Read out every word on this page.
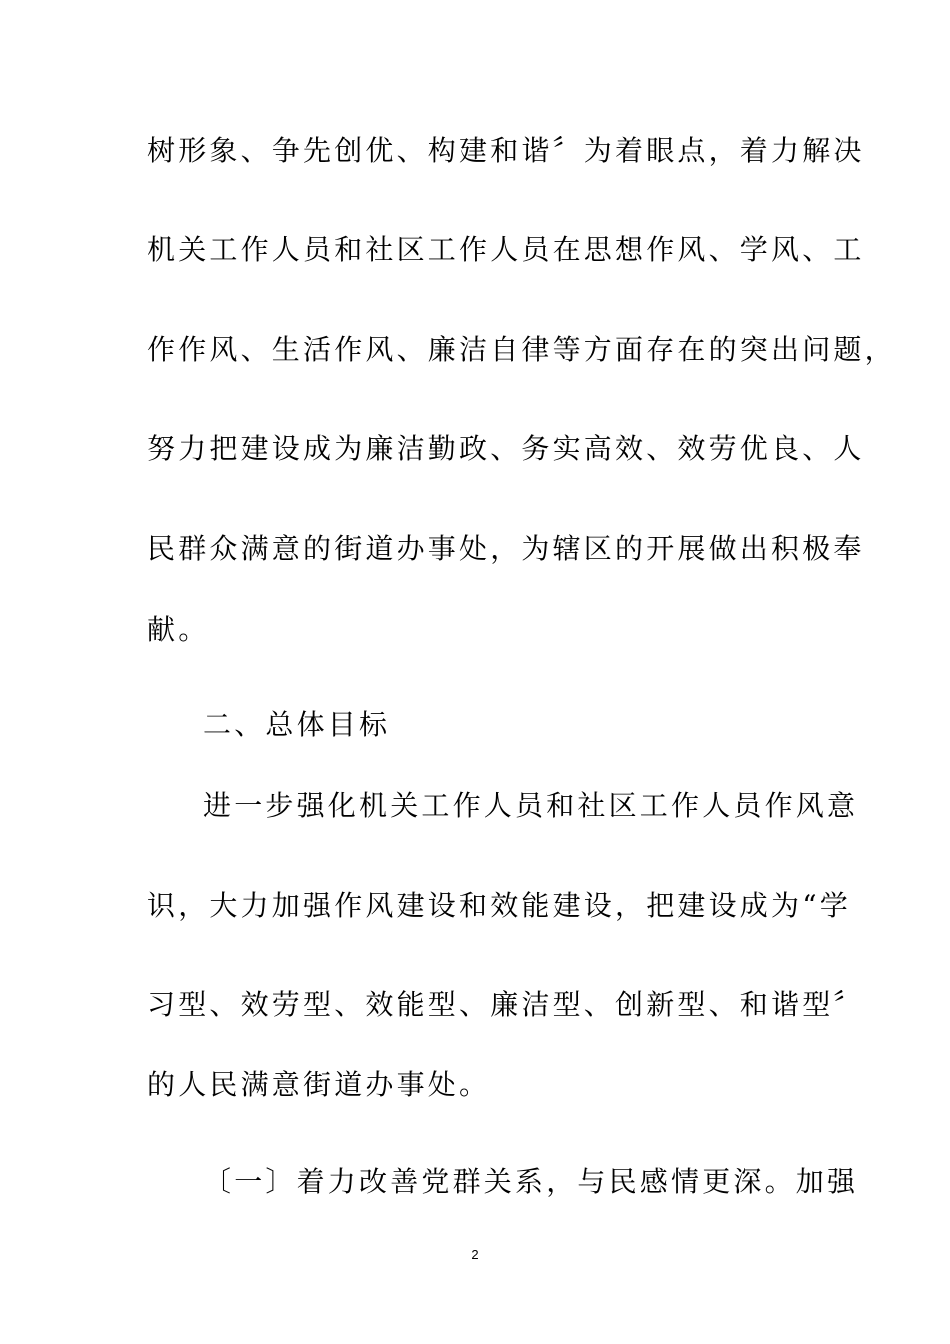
树形象、争先创优、构建和谐〞为着眼点，着力解决
机关工作人员和社区工作人员在思想作风、学风、工
作作风、生活作风、廉洁自律等方面存在的突出问题，
努力把建设成为廉洁勤政、务实高效、效劳优良、人
民群众满意的街道办事处，为辖区的开展做出积极奉
献。
二、总体目标
进一步强化机关工作人员和社区工作人员作风意
识，大力加强作风建设和效能建设，把建设成为“学
习型、效劳型、效能型、廉洁型、创新型、和谐型〞
的人民满意街道办事处。
〔一〕着力改善党群关系，与民感情更深。加强
2
